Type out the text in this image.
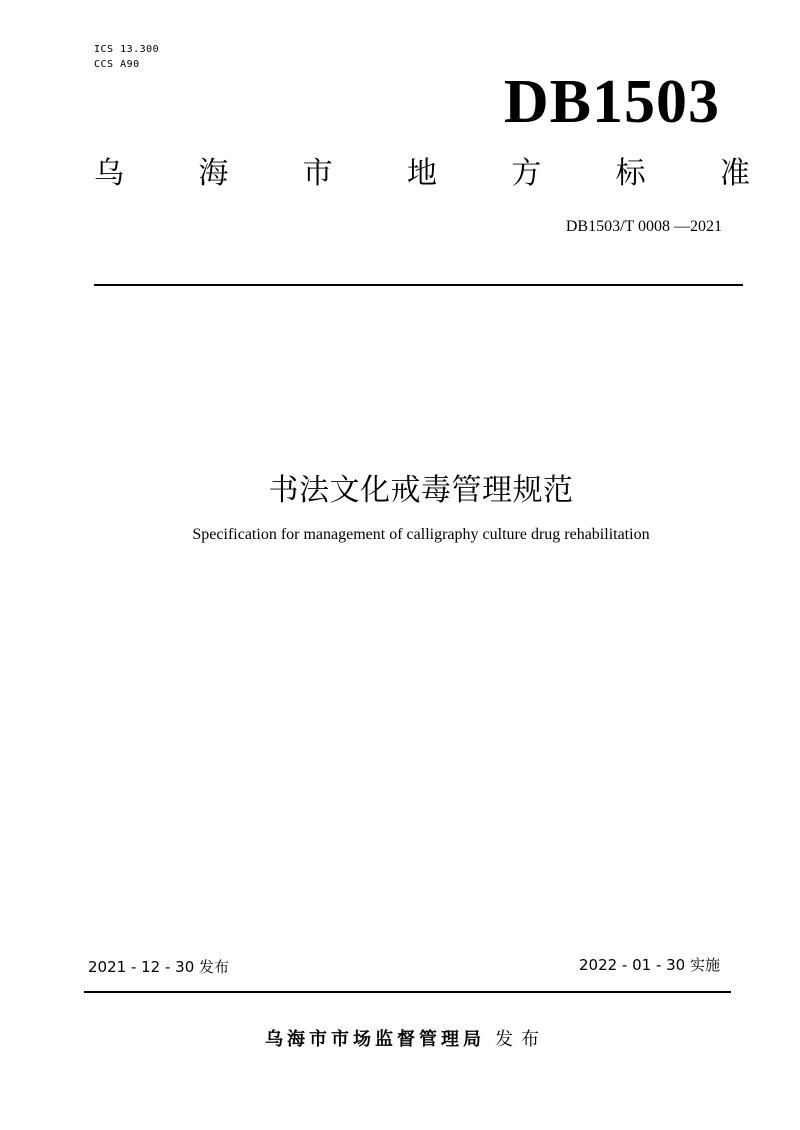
ICS 13.300
CCS A90
DB1503
乌 海 市 地 方 标 准
DB1503/T 0008 —2021
书法文化戒毒管理规范
Specification for management of calligraphy culture drug rehabilitation
2021 - 12 - 30 发布	2022 - 01 - 30 实施
乌海市市场监督管理局 发布
